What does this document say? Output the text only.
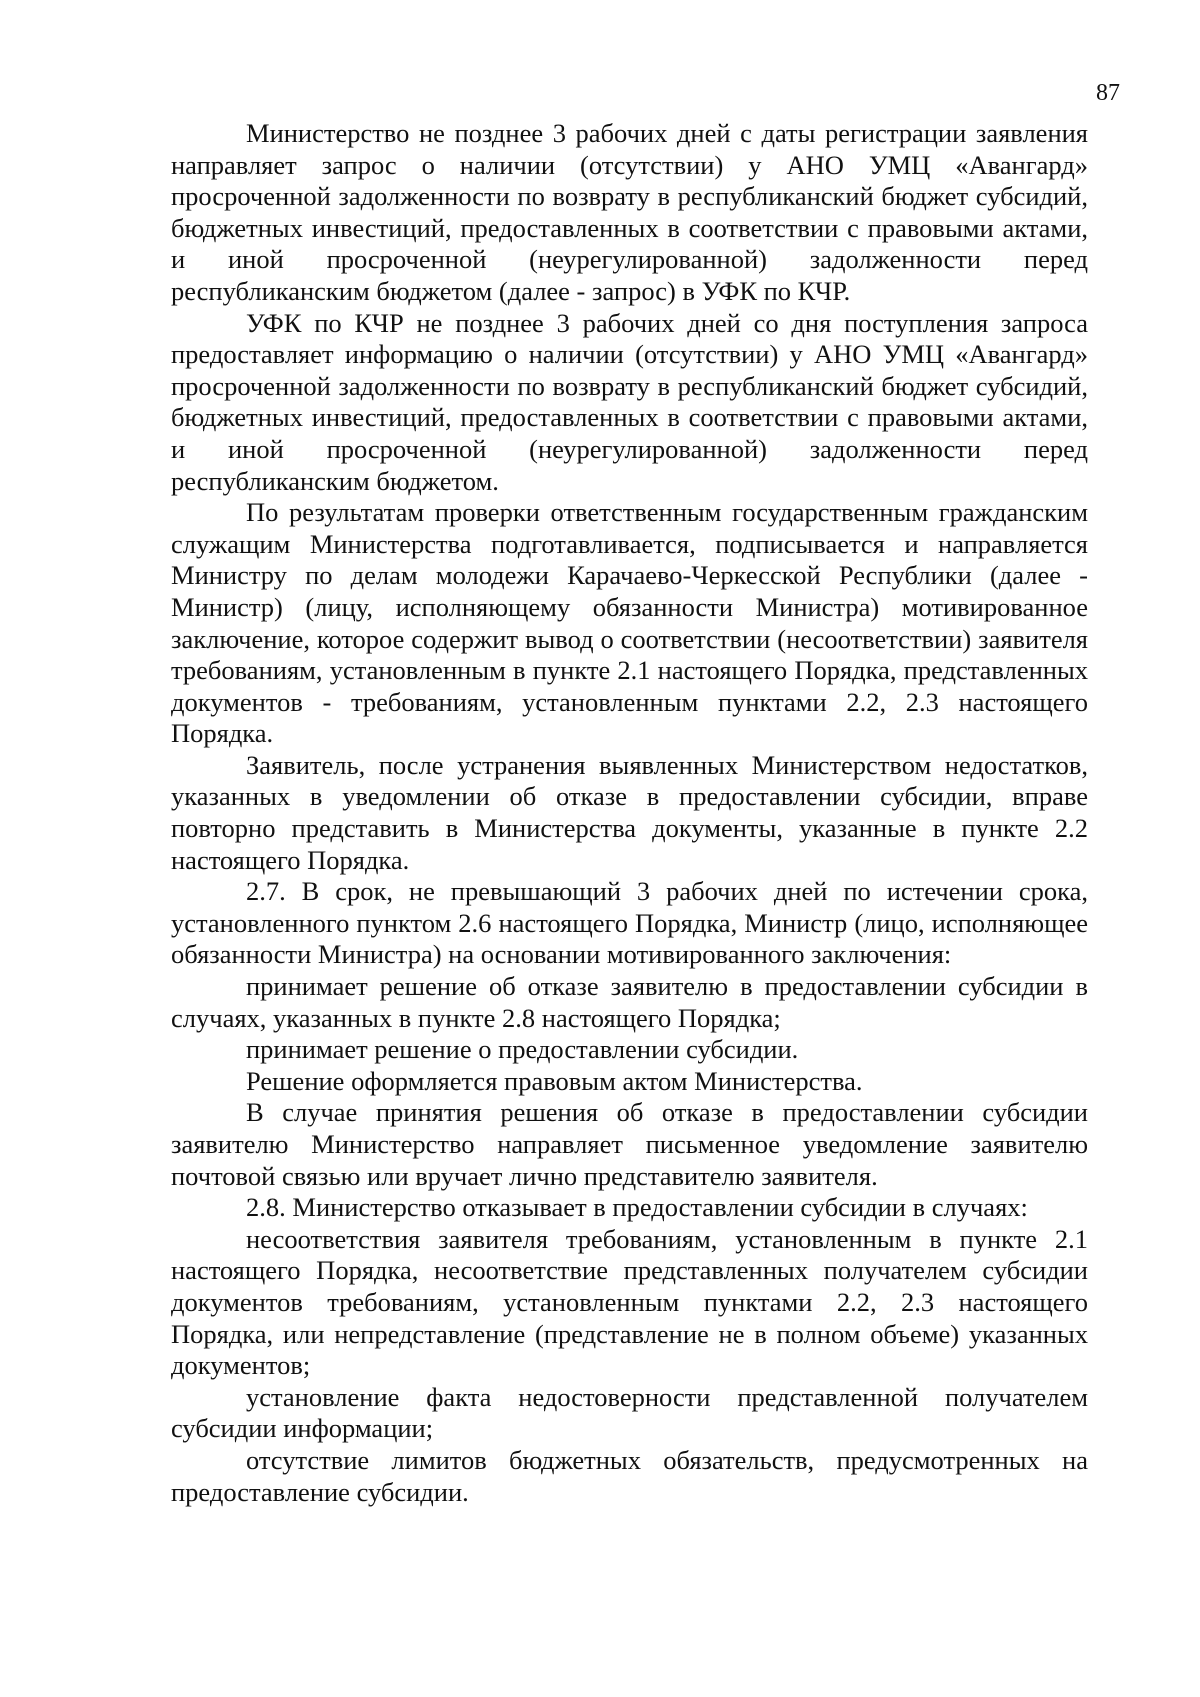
87

Министерство не позднее 3 рабочих дней с даты регистрации заявления направляет запрос о наличии (отсутствии) у АНО УМЦ «Авангард» просроченной задолженности по возврату в республиканский бюджет субсидий, бюджетных инвестиций, предоставленных в соответствии с правовыми актами, и иной просроченной (неурегулированной) задолженности перед республиканским бюджетом (далее - запрос) в УФК по КЧР.

УФК по КЧР не позднее 3 рабочих дней со дня поступления запроса предоставляет информацию о наличии (отсутствии) у АНО УМЦ «Авангард» просроченной задолженности по возврату в республиканский бюджет субсидий, бюджетных инвестиций, предоставленных в соответствии с правовыми актами, и иной просроченной (неурегулированной) задолженности перед республиканским бюджетом.

По результатам проверки ответственным государственным гражданским служащим Министерства подготавливается, подписывается и направляется Министру по делам молодежи Карачаево-Черкесской Республики (далее - Министр) (лицу, исполняющему обязанности Министра) мотивированное заключение, которое содержит вывод о соответствии (несоответствии) заявителя требованиям, установленным в пункте 2.1 настоящего Порядка, представленных документов - требованиям, установленным пунктами 2.2, 2.3 настоящего Порядка.

Заявитель, после устранения выявленных Министерством недостатков, указанных в уведомлении об отказе в предоставлении субсидии, вправе повторно представить в Министерства документы, указанные в пункте 2.2 настоящего Порядка.

2.7. В срок, не превышающий 3 рабочих дней по истечении срока, установленного пунктом 2.6 настоящего Порядка, Министр (лицо, исполняющее обязанности Министра) на основании мотивированного заключения:

принимает решение об отказе заявителю в предоставлении субсидии в случаях, указанных в пункте 2.8 настоящего Порядка;

принимает решение о предоставлении субсидии.

Решение оформляется правовым актом Министерства.

В случае принятия решения об отказе в предоставлении субсидии заявителю Министерство направляет письменное уведомление заявителю почтовой связью или вручает лично представителю заявителя.

2.8. Министерство отказывает в предоставлении субсидии в случаях:

несоответствия заявителя требованиям, установленным в пункте 2.1 настоящего Порядка, несоответствие представленных получателем субсидии документов требованиям, установленным пунктами 2.2, 2.3 настоящего Порядка, или непредставление (представление не в полном объеме) указанных документов;

установление факта недостоверности представленной получателем субсидии информации;

отсутствие лимитов бюджетных обязательств, предусмотренных на предоставление субсидии.
